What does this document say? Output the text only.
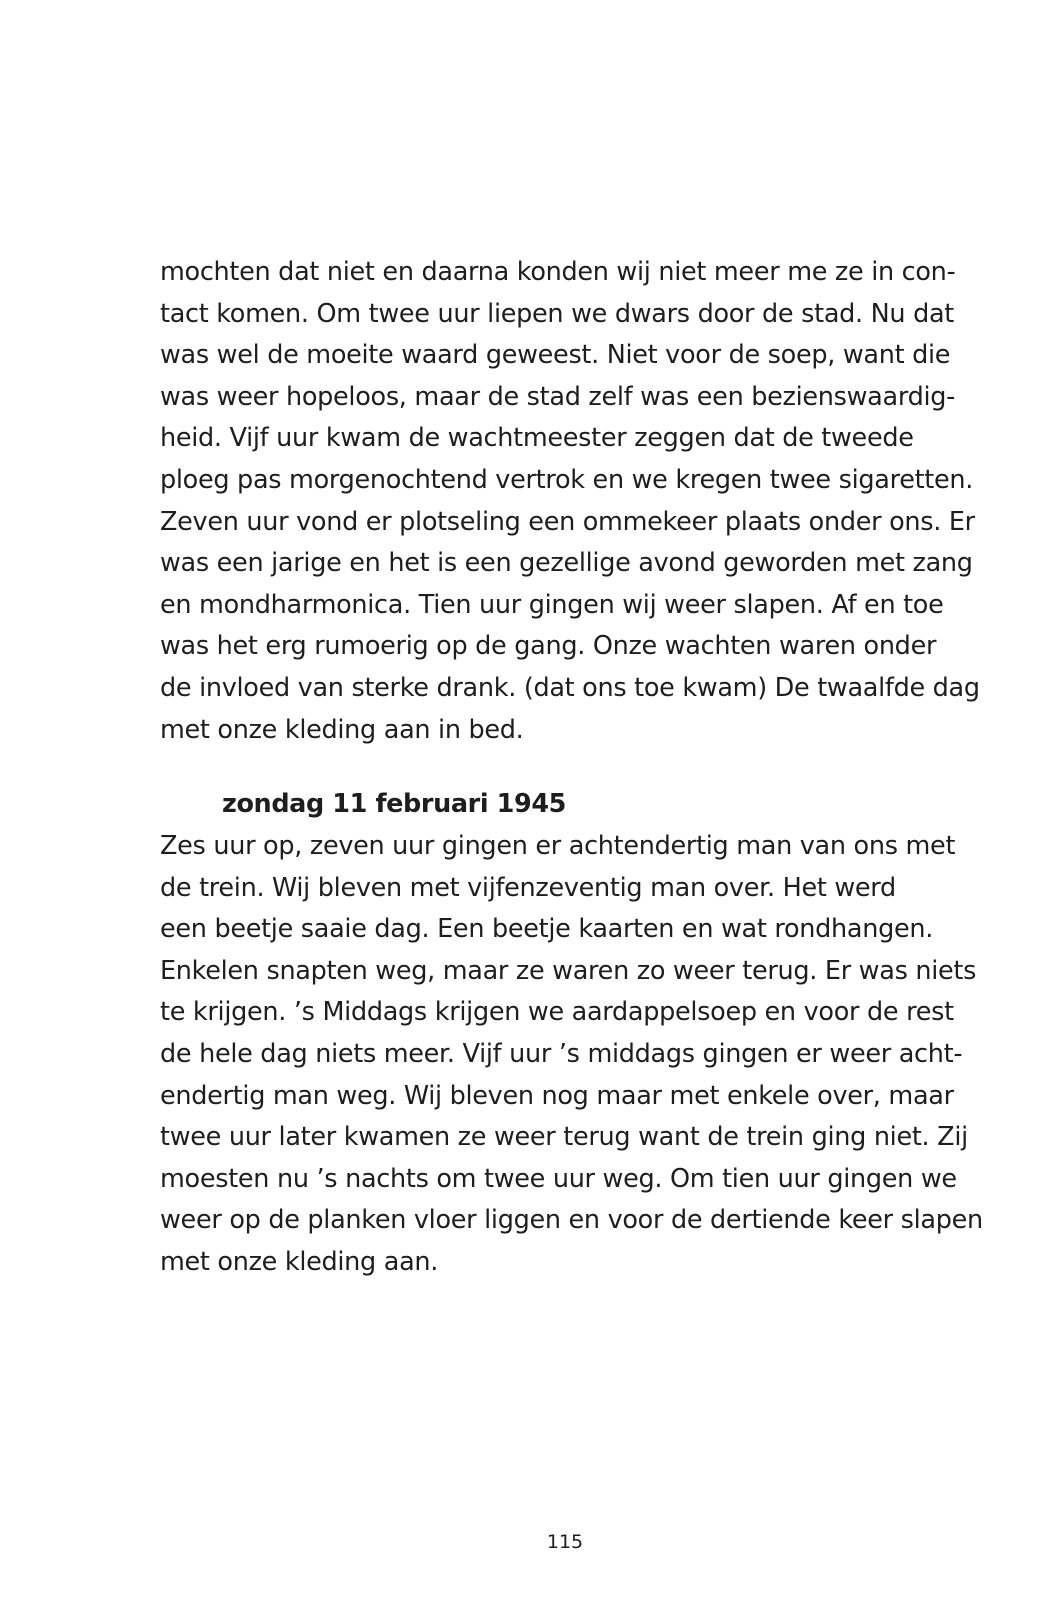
mochten dat niet en daarna konden wij niet meer me ze in con-
tact komen. Om twee uur liepen we dwars door de stad. Nu dat
was wel de moeite waard geweest. Niet voor de soep, want die
was weer hopeloos, maar de stad zelf was een bezienswaardig-
heid. Vijf uur kwam de wachtmeester zeggen dat de tweede
ploeg pas morgenochtend vertrok en we kregen twee sigaretten.
Zeven uur vond er plotseling een ommekeer plaats onder ons. Er
was een jarige en het is een gezellige avond geworden met zang
en mondharmonica. Tien uur gingen wij weer slapen. Af en toe
was het erg rumoerig op de gang. Onze wachten waren onder
de invloed van sterke drank. (dat ons toe kwam) De twaalfde dag
met onze kleding aan in bed.
zondag 11 februari 1945
Zes uur op, zeven uur gingen er achtendertig man van ons met
de trein. Wij bleven met vijfenzeventig man over. Het werd
een beetje saaie dag. Een beetje kaarten en wat rondhangen.
Enkelen snapten weg, maar ze waren zo weer terug. Er was niets
te krijgen. ’s Middags krijgen we aardappelsoep en voor de rest
de hele dag niets meer. Vijf uur ’s middags gingen er weer acht-
endertig man weg. Wij bleven nog maar met enkele over, maar
twee uur later kwamen ze weer terug want de trein ging niet. Zij
moesten nu ’s nachts om twee uur weg. Om tien uur gingen we
weer op de planken vloer liggen en voor de dertiende keer slapen
met onze kleding aan.
115
